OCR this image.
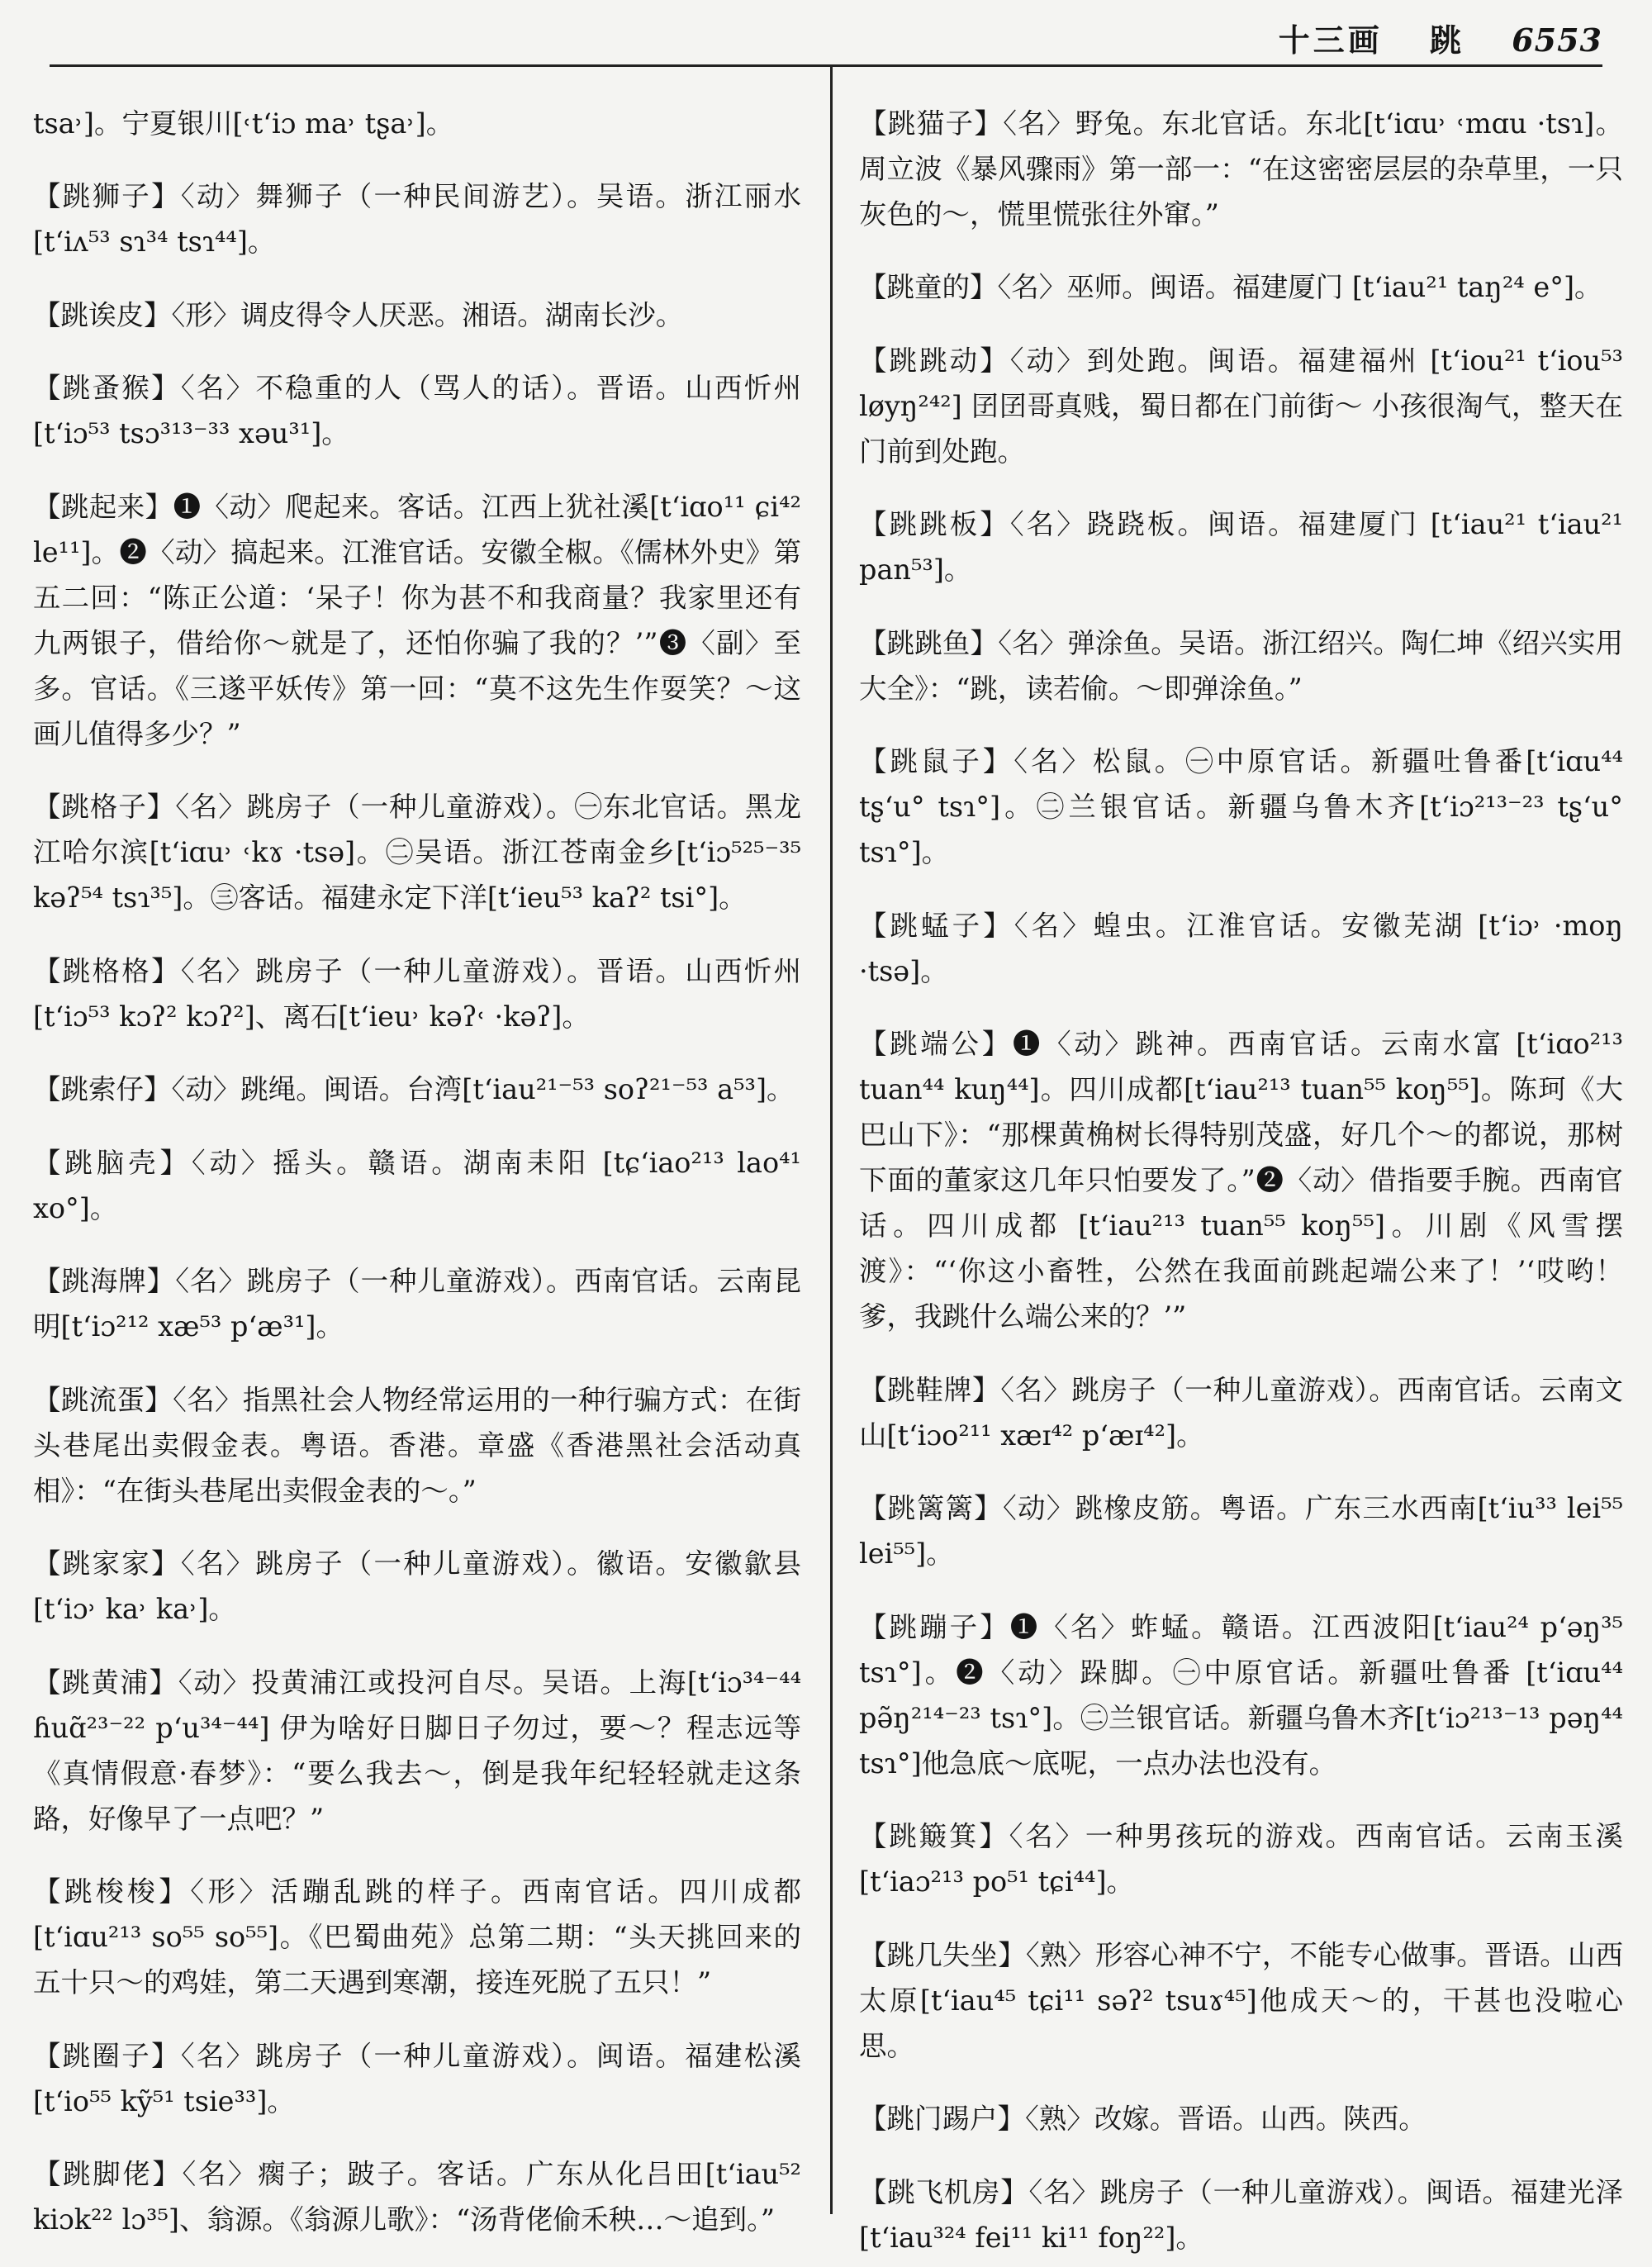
十三画 跳 6553

tsa˒]。宁夏银川[˓t‘iɔ ma˒ tʂa˒]。

【跳狮子】〈动〉舞狮子（一种民间游艺）。吴语。浙江丽水 [t‘iʌ⁵³ sɿ³⁴ tsɿ⁴⁴]。

【跳诶皮】〈形〉调皮得令人厌恶。湘语。湖南长沙。

【跳蚤猴】〈名〉不稳重的人（骂人的话）。晋语。山西忻州[t‘iɔ⁵³ tsɔ³¹³⁻³³ xəu³¹]。

【跳起来】❶〈动〉爬起来。客话。江西上犹社溪[t‘iɑo¹¹ ɕi⁴² le¹¹]。❷〈动〉搞起来。江淮官话。安徽全椒。《儒林外史》第五二回：“陈正公道：‘呆子！你为甚不和我商量？我家里还有九两银子，借给你～就是了，还怕你骗了我的？’”❸〈副〉至多。官话。《三遂平妖传》第一回：“莫不这先生作耍笑？～这画儿值得多少？”

【跳格子】〈名〉跳房子（一种儿童游戏）。㊀东北官话。黑龙江哈尔滨[t‘iɑu˒ ˓kɤ ·tsə]。㊁吴语。浙江苍南金乡[t‘iɔ⁵²⁵⁻³⁵ kəʔ⁵⁴ tsɿ³⁵]。㊂客话。福建永定下洋[t‘ieu⁵³ kaʔ² tsi°]。

【跳格格】〈名〉跳房子（一种儿童游戏）。晋语。山西忻州[t‘iɔ⁵³ kɔʔ² kɔʔ²]、离石[t‘ieu˒ kəʔ˓ ·kəʔ]。

【跳索仔】〈动〉跳绳。闽语。台湾[t‘iau²¹⁻⁵³ soʔ²¹⁻⁵³ a⁵³]。

【跳脑壳】〈动〉摇头。赣语。湖南耒阳 [tɕ‘iao²¹³ lao⁴¹ xo°]。

【跳海牌】〈名〉跳房子（一种儿童游戏）。西南官话。云南昆明[t‘iɔ²¹² xæ⁵³ p‘æ³¹]。

【跳流蛋】〈名〉指黑社会人物经常运用的一种行骗方式：在街头巷尾出卖假金表。粤语。香港。章盛《香港黑社会活动真相》：“在街头巷尾出卖假金表的～。”

【跳家家】〈名〉跳房子（一种儿童游戏）。徽语。安徽歙县[t‘iɔ˒ ka˒ ka˒]。

【跳黄浦】〈动〉投黄浦江或投河自尽。吴语。上海[t‘iɔ³⁴⁻⁴⁴ ɦuɑ̃²³⁻²² p‘u³⁴⁻⁴⁴] 伊为啥好日脚日子勿过，要～？程志远等《真情假意·春梦》：“要么我去～，倒是我年纪轻轻就走这条路，好像早了一点吧？”

【跳梭梭】〈形〉活蹦乱跳的样子。西南官话。四川成都 [t‘iɑu²¹³ so⁵⁵ so⁵⁵]。《巴蜀曲苑》总第二期：“头天挑回来的五十只～的鸡娃，第二天遇到寒潮，接连死脱了五只！”

【跳圈子】〈名〉跳房子（一种儿童游戏）。闽语。福建松溪[t‘io⁵⁵ kỹ⁵¹ tsie³³]。

【跳脚佬】〈名〉瘸子；跛子。客话。广东从化吕田[t‘iau⁵² kiɔk²² lɔ³⁵]、翁源。《翁源儿歌》：“汤背佬偷禾秧…～追到。”

【跳猫子】〈名〉野兔。东北官话。东北[t‘iɑu˒ ˓mɑu ·tsɿ]。周立波《暴风骤雨》第一部一：“在这密密层层的杂草里，一只灰色的～，慌里慌张往外窜。”

【跳童的】〈名〉巫师。闽语。福建厦门 [t‘iau²¹ taŋ²⁴ e°]。

【跳跳动】〈动〉到处跑。闽语。福建福州 [t‘iou²¹ t‘iou⁵³ løyŋ²⁴²] 囝囝哥真贱，蜀日都在门前街～ 小孩很淘气，整天在门前到处跑。

【跳跳板】〈名〉跷跷板。闽语。福建厦门 [t‘iau²¹ t‘iau²¹ pan⁵³]。

【跳跳鱼】〈名〉弹涂鱼。吴语。浙江绍兴。陶仁坤《绍兴实用大全》：“跳，读若偷。～即弹涂鱼。”

【跳鼠子】〈名〉松鼠。㊀中原官话。新疆吐鲁番[t‘iɑu⁴⁴ tʂ‘u° tsɿ°]。㊁兰银官话。新疆乌鲁木齐[t‘iɔ²¹³⁻²³ tʂ‘u° tsɿ°]。

【跳蜢子】〈名〉蝗虫。江淮官话。安徽芜湖 [t‘iɔ˒ ·moŋ ·tsə]。

【跳端公】❶〈动〉跳神。西南官话。云南水富 [t‘iɑo²¹³ tuan⁴⁴ kuŋ⁴⁴]。四川成都[t‘iau²¹³ tuan⁵⁵ koŋ⁵⁵]。陈珂《大巴山下》：“那棵黄桷树长得特别茂盛，好几个～的都说，那树下面的董家这几年只怕要发了。”❷〈动〉借指要手腕。西南官话。四川成都 [t‘iau²¹³ tuan⁵⁵ koŋ⁵⁵]。川剧《风雪摆渡》：“‘你这小畜牲，公然在我面前跳起端公来了！’‘哎哟！爹，我跳什么端公来的？’”

【跳鞋牌】〈名〉跳房子（一种儿童游戏）。西南官话。云南文山[t‘iɔo²¹¹ xæɪ⁴² p‘æɪ⁴²]。

【跳篱篱】〈动〉跳橡皮筋。粤语。广东三水西南[t‘iu³³ lei⁵⁵ lei⁵⁵]。

【跳蹦子】❶〈名〉蚱蜢。赣语。江西波阳[t‘iau²⁴ p‘əŋ³⁵ tsɿ°]。❷〈动〉跺脚。㊀中原官话。新疆吐鲁番 [t‘iɑu⁴⁴ pə̃ŋ²¹⁴⁻²³ tsɿ°]。㊁兰银官话。新疆乌鲁木齐[t‘iɔ²¹³⁻¹³ pəŋ⁴⁴ tsɿ°]他急底～底呢，一点办法也没有。

【跳簸箕】〈名〉一种男孩玩的游戏。西南官话。云南玉溪[t‘iaɔ²¹³ po⁵¹ tɕi⁴⁴]。

【跳几失坐】〈熟〉形容心神不宁，不能专心做事。晋语。山西太原[t‘iau⁴⁵ tɕi¹¹ səʔ² tsuɤ⁴⁵]他成天～的，干甚也没啦心思。

【跳门踢户】〈熟〉改嫁。晋语。山西。陕西。

【跳飞机房】〈名〉跳房子（一种儿童游戏）。闽语。福建光泽 [t‘iau³²⁴ fei¹¹ ki¹¹ foŋ²²]。
